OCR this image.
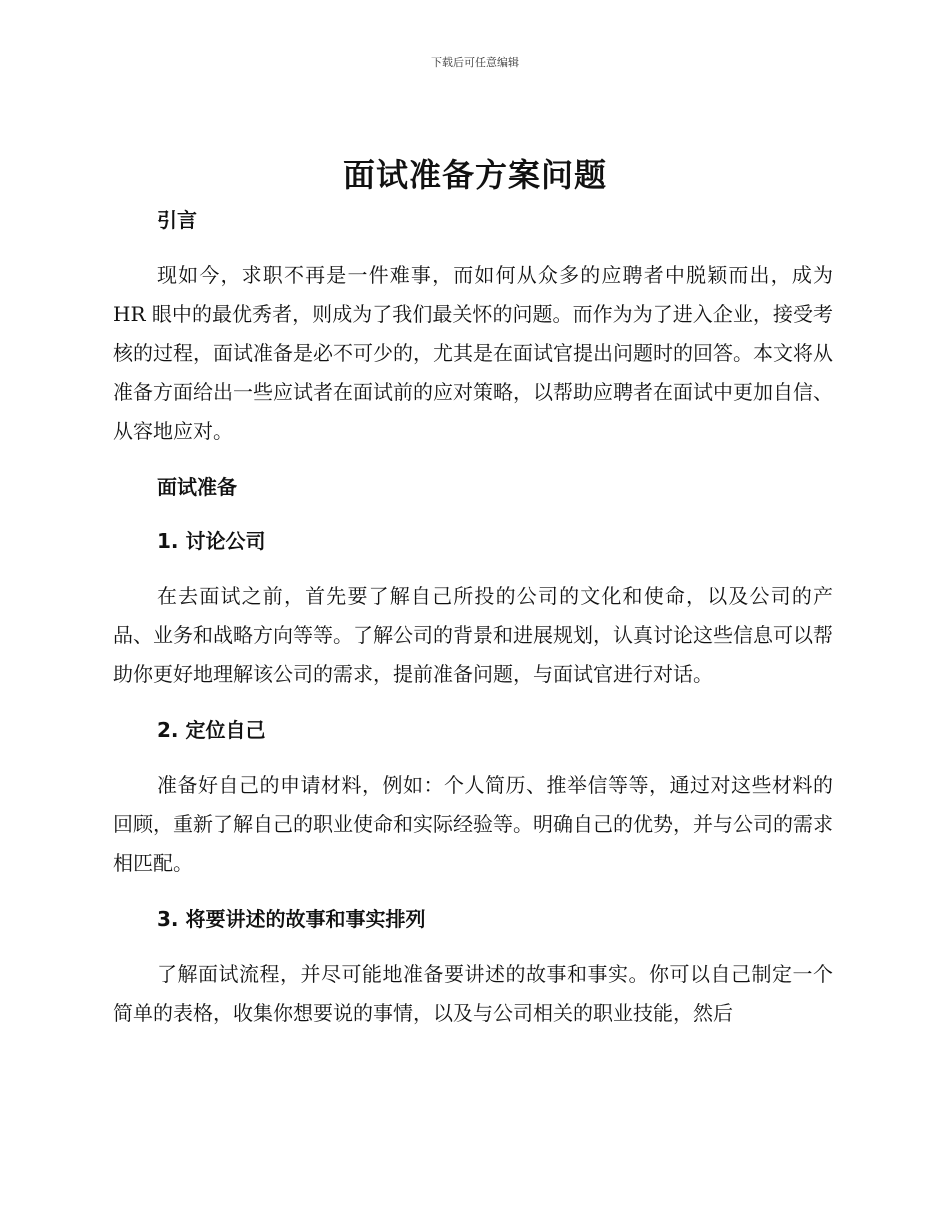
下载后可任意编辑
面试准备方案问题
引言

现如今，求职不再是一件难事，而如何从众多的应聘者中脱颖而出，成为 HR 眼中的最优秀者，则成为了我们最关怀的问题。而作为为了进入企业，接受考核的过程，面试准备是必不可少的，尤其是在面试官提出问题时的回答。本文将从准备方面给出一些应试者在面试前的应对策略，以帮助应聘者在面试中更加自信、从容地应对。

面试准备
1. 讨论公司

在去面试之前，首先要了解自己所投的公司的文化和使命，以及公司的产品、业务和战略方向等等。了解公司的背景和进展规划，认真讨论这些信息可以帮助你更好地理解该公司的需求，提前准备问题，与面试官进行对话。

2. 定位自己

准备好自己的申请材料，例如：个人简历、推举信等等，通过对这些材料的回顾，重新了解自己的职业使命和实际经验等。明确自己的优势，并与公司的需求相匹配。

3. 将要讲述的故事和事实排列

了解面试流程，并尽可能地准备要讲述的故事和事实。你可以自己制定一个简单的表格，收集你想要说的事情，以及与公司相关的职业技能，然后
